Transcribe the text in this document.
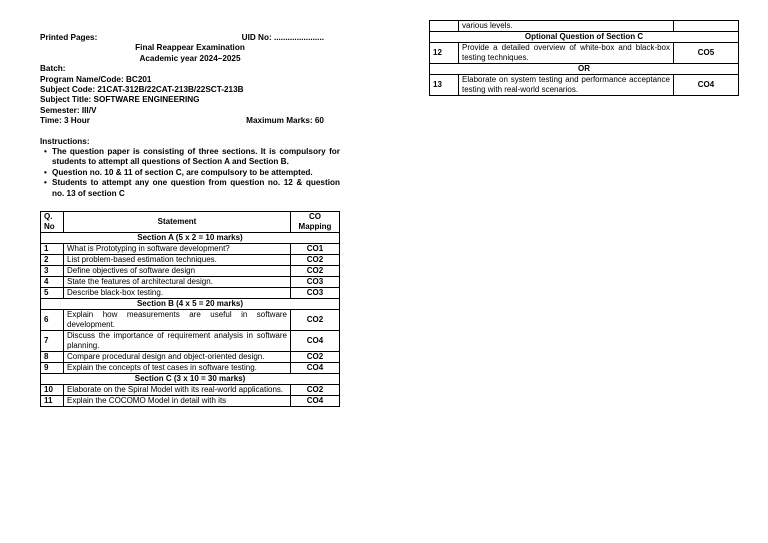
Printed Pages:	UID No: ......................
Final Reappear Examination
Academic year 2024–2025
Batch:
Program Name/Code: BC201
Subject Code: 21CAT-312B/22CAT-213B/22SCT-213B
Subject Title: SOFTWARE ENGINEERING
Semester: III/V
Time: 3 Hour	Maximum Marks: 60
Instructions:
• The question paper is consisting of three sections. It is compulsory for students to attempt all questions of Section A and Section B.
• Question no. 10 & 11 of section C, are compulsory to be attempted.
• Students to attempt any one question from question no. 12 & question no. 13 of section C
Q. No	Statement	CO Mapping
Section A (5 x 2 = 10 marks)		
1	What is Prototyping in software development?	CO1
2	List problem-based estimation techniques.	CO2
3	Define objectives of software design	CO2
4	State the features of architectural design.	CO3
5	Describe black-box testing.	CO3
Section B (4 x 5 = 20 marks)		
6	Explain how measurements are useful in software development.	CO2
7	Discuss the importance of requirement analysis in software planning.	CO4
8	Compare procedural design and object-oriented design.	CO2
9	Explain the concepts of test cases in software testing.	CO4
Section C (3 x 10 = 30 marks)		
10	Elaborate on the Spiral Model with its real-world applications.	CO2
11	Explain the COCOMO Model in detail with its	CO4
	various levels.	
Optional Question of Section C		
12	Provide a detailed overview of white-box and black-box testing techniques.	CO5
OR		
13	Elaborate on system testing and performance acceptance testing with real-world scenarios.	CO4
